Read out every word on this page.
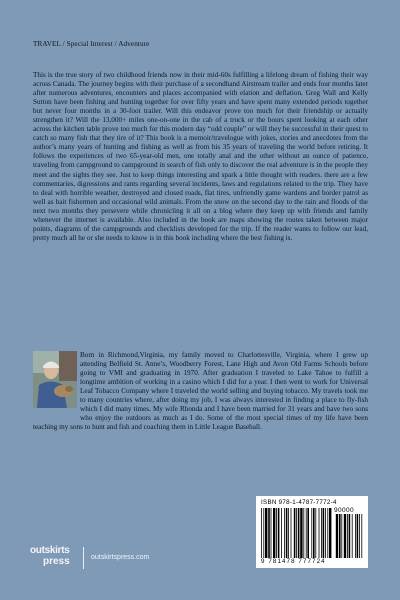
TRAVEL / Special Interest / Adventure

This is the true story of two childhood friends now in their mid-60s fulfilling a lifelong dream of fishing their way across Canada. The journey begins with their purchase of a secondhand Airstream trailer and ends four months later after numerous adventures, encounters and places accompanied with elation and deflation. Greg Wall and Kelly Sutton have been fishing and hunting together for over fifty years and have spent many extended periods together but never four months in a 30-foot trailer. Will this endeavor prove too much for their friendship or actually strengthen it? Will the 13,000+ miles one-on-one in the cab of a truck or the hours spent looking at each other across the kitchen table prove too much for this modern day “odd couple” or will they be successful in their quest to catch so many fish that they tire of it? This book is a memoir/travelogue with jokes, stories and anecdotes from the author’s many years of hunting and fishing as well as from his 35 years of traveling the world before retiring. It follows the experiences of two 65-year-old men, one totally anal and the other without an ounce of patience, traveling from campground to campground in search of fish only to discover the real adventure is in the people they meet and the sights they see. Just to keep things interesting and spark a little thought with readers. there are a few commentaries, digressions and rants regarding several incidents, laws and regulations related to the trip. They have to deal with horrible weather, destroyed and closed roads, flat tires, unfriendly game wardens and border patrol as well as bait fishermen and occasional wild animals. From the snow on the second day to the rain and floods of the next two months they persevere while chronicling it all on a blog where they keep up with friends and family whenever the internet is available. Also included in the book are maps showing the routes taken between major points, diagrams of the campgrounds and checklists developed for the trip. If the reader wants to follow our lead, pretty much all he or she needs to know is in this book including where the best fishing is.

Born in Richmond,Virginia, my family moved to Charlottesville, Virginia, where I grew up attending Belfield St. Anne’s, Woodberry Forest, Lane High and Avon Old Farms Schools before going to VMI and graduating in 1970. After graduation I traveled to Lake Tahoe to fulfill a longtime ambition of working in a casino which I did for a year. I then went to work for Universal Leaf Tobacco Company where I traveled the world selling and buying tobacco. My travels took me to many countries where, after doing my job, I was always interested in finding a place to fly-fish which I did many times. My wife Rhonda and I have been married for 31 years and have two sons who enjoy the outdoors as much as I do. Some of the most special times of my life have been teaching my sons to hunt and fish and coaching them in Little League Baseball.

ISBN 978-1-4787-7772-4
90000
9 781478 777724
outskirts
press	outskirtspress.com
